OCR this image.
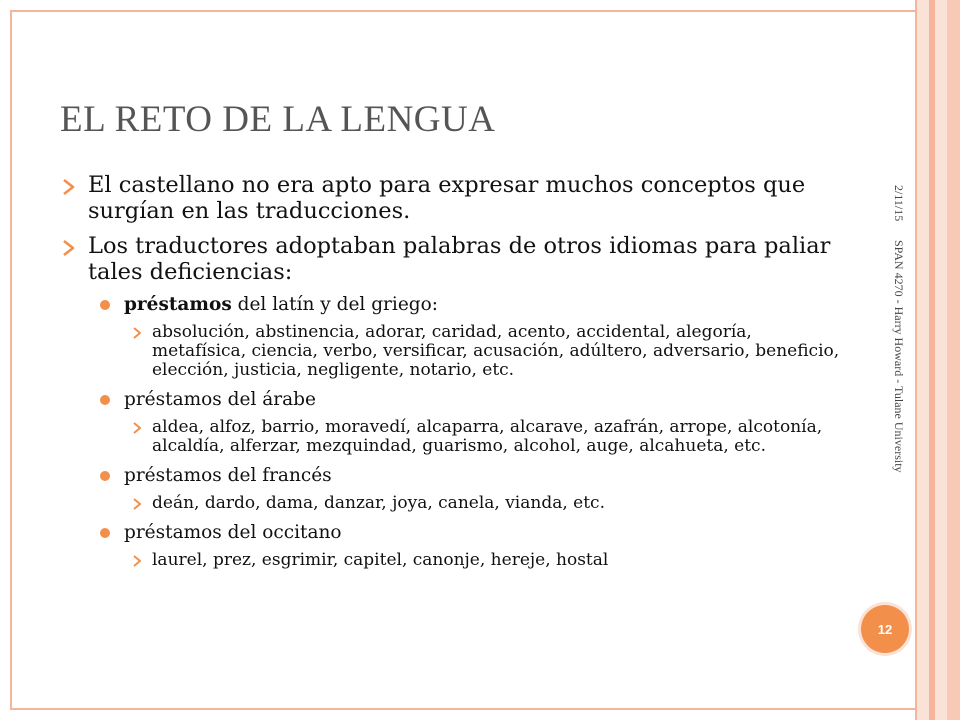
EL RETO DE LA LENGUA
El castellano no era apto para expresar muchos conceptos que surgían en las traducciones.
Los traductores adoptaban palabras de otros idiomas para paliar tales deficiencias:
préstamos del latín y del griego:
absolución, abstinencia, adorar, caridad, acento, accidental, alegoría, metafísica, ciencia, verbo, versificar, acusación, adúltero, adversario, beneficio, elección, justicia, negligente, notario, etc.
préstamos del árabe
aldea, alfoz, barrio, moravedí, alcaparra, alcarave, azafrán, arrope, alcotonía, alcaldía, alferzar, mezquindad, guarismo, alcohol, auge, alcahueta, etc.
préstamos del francés
deán, dardo, dama, danzar, joya, canela, vianda, etc.
préstamos del occitano
laurel, prez, esgrimir, capitel, canonje, hereje, hostal
2/11/15
SPAN 4270 - Harry Howard - Tulane University
12
